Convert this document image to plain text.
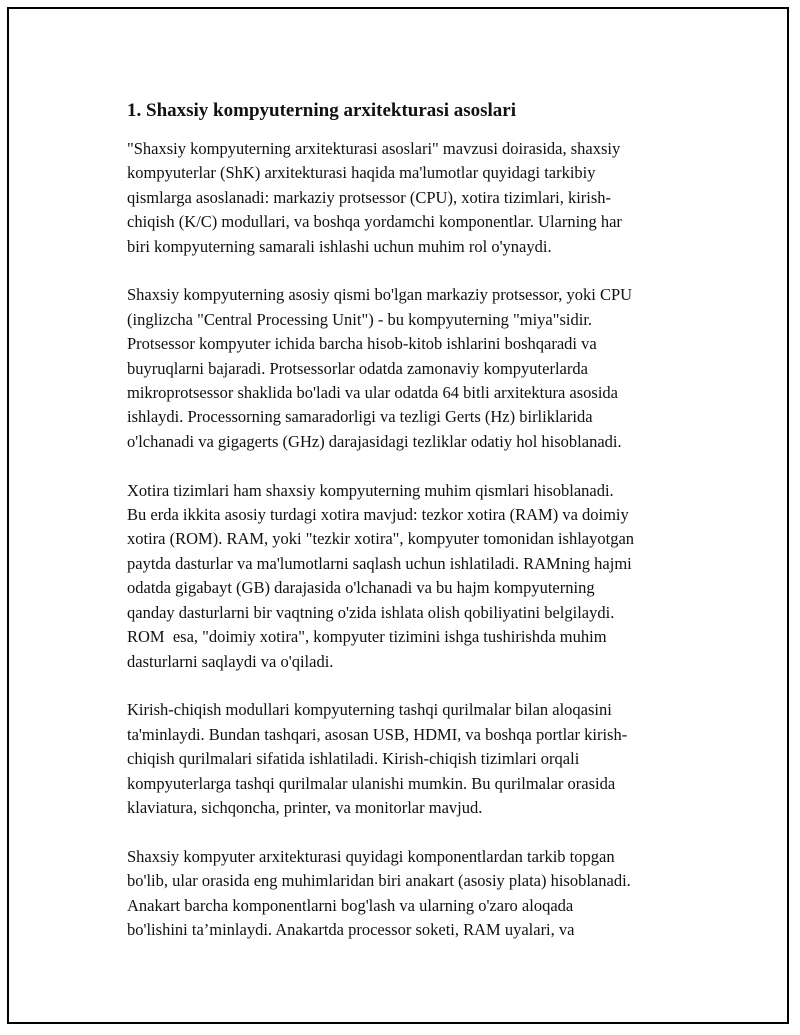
1. Shaxsiy kompyuterning arxitekturasi asoslari

"Shaxsiy kompyuterning arxitekturasi asoslari" mavzusi doirasida, shaxsiy
kompyuterlar (ShK) arxitekturasi haqida ma'lumotlar quyidagi tarkibiy
qismlarga asoslanadi: markaziy protsessor (CPU), xotira tizimlari, kirish-
chiqish (K/C) modullari, va boshqa yordamchi komponentlar. Ularning har
biri kompyuterning samarali ishlashi uchun muhim rol o'ynaydi.

Shaxsiy kompyuterning asosiy qismi bo'lgan markaziy protsessor, yoki CPU
(inglizcha "Central Processing Unit") - bu kompyuterning "miya"sidir.
Protsessor kompyuter ichida barcha hisob-kitob ishlarini boshqaradi va
buyruqlarni bajaradi. Protsessorlar odatda zamonaviy kompyuterlarda
mikroprotsessor shaklida bo'ladi va ular odatda 64 bitli arxitektura asosida
ishlaydi. Processorning samaradorligi va tezligi Gerts (Hz) birliklarida
o'lchanadi va gigagerts (GHz) darajasidagi tezliklar odatiy hol hisoblanadi.

Xotira tizimlari ham shaxsiy kompyuterning muhim qismlari hisoblanadi.
Bu erda ikkita asosiy turdagi xotira mavjud: tezkor xotira (RAM) va doimiy
xotira (ROM). RAM, yoki "tezkir xotira", kompyuter tomonidan ishlayotgan
paytda dasturlar va ma'lumotlarni saqlash uchun ishlatiladi. RAMning hajmi
odatda gigabayt (GB) darajasida o'lchanadi va bu hajm kompyuterning
qanday dasturlarni bir vaqtning o'zida ishlata olish qobiliyatini belgilaydi.
ROM  esa, "doimiy xotira", kompyuter tizimini ishga tushirishda muhim
dasturlarni saqlaydi va o'qiladi.

Kirish-chiqish modullari kompyuterning tashqi qurilmalar bilan aloqasini
ta'minlaydi. Bundan tashqari, asosan USB, HDMI, va boshqa portlar kirish-
chiqish qurilmalari sifatida ishlatiladi. Kirish-chiqish tizimlari orqali
kompyuterlarga tashqi qurilmalar ulanishi mumkin. Bu qurilmalar orasida
klaviatura, sichqoncha, printer, va monitorlar mavjud.

Shaxsiy kompyuter arxitekturasi quyidagi komponentlardan tarkib topgan
bo'lib, ular orasida eng muhimlaridan biri anakart (asosiy plata) hisoblanadi.
Anakart barcha komponentlarni bog'lash va ularning o'zaro aloqada
bo'lishini ta’minlaydi. Anakartda processor soketi, RAM uyalari, va
